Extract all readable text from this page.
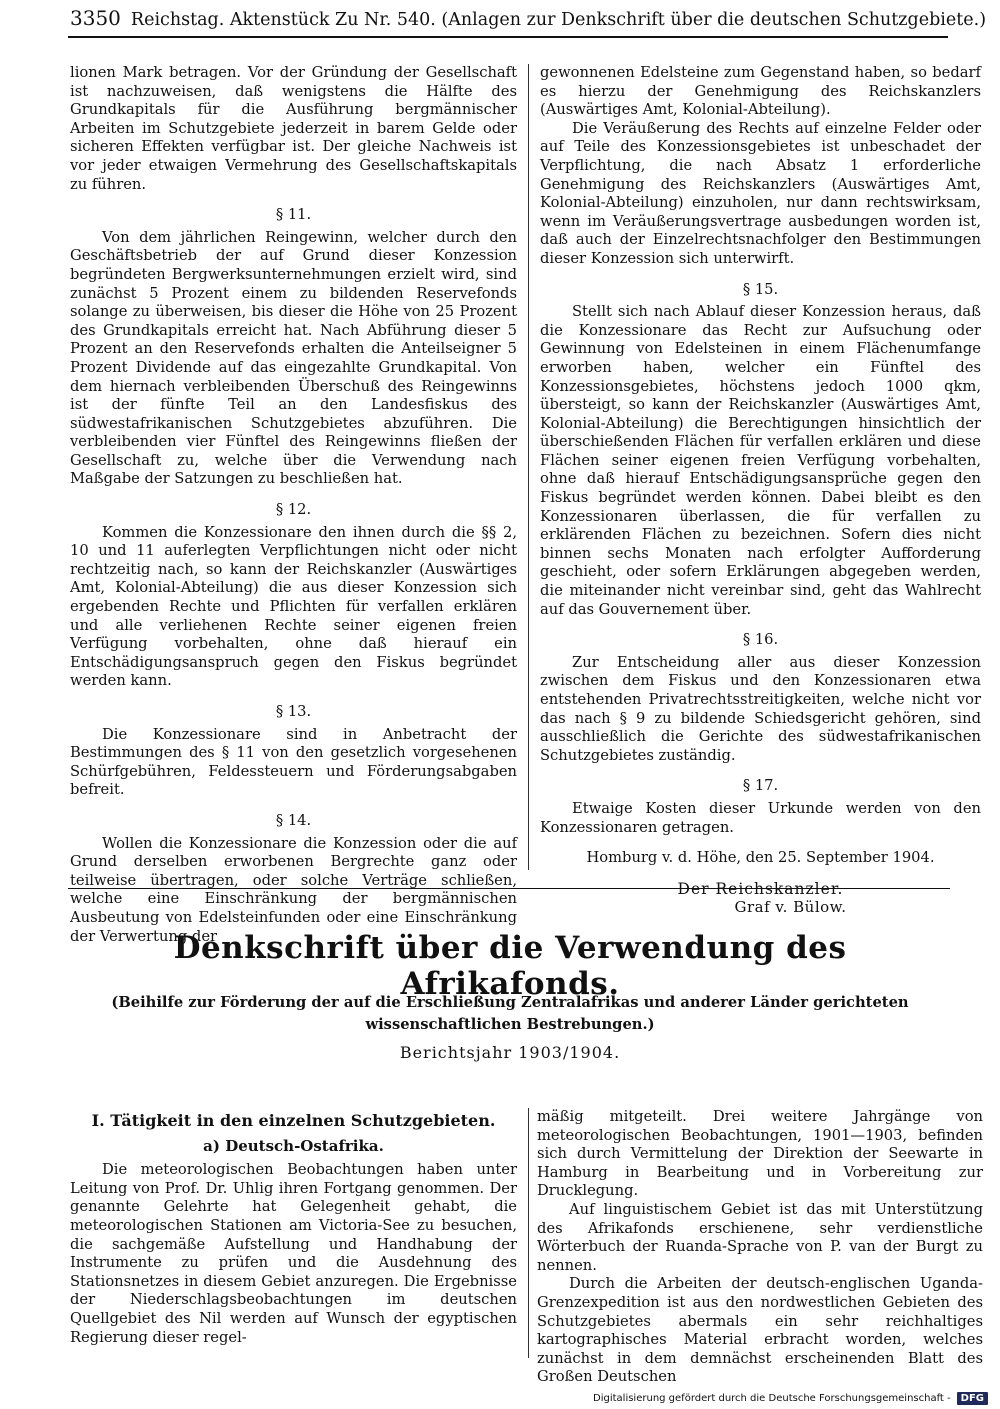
3350 Reichstag. Aktenstück Zu Nr. 540. (Anlagen zur Denkschrift über die deutschen Schutzgebiete.)

lionen Mark betragen. Vor der Gründung der Gesellschaft ist nachzuweisen, daß wenigstens die Hälfte des Grundkapitals für die Ausführung bergmännischer Arbeiten im Schutzgebiete jederzeit in barem Gelde oder sicheren Effekten verfügbar ist. Der gleiche Nachweis ist vor jeder etwaigen Vermehrung des Gesellschaftskapitals zu führen.

§ 11.

Von dem jährlichen Reingewinn, welcher durch den Geschäftsbetrieb der auf Grund dieser Konzession begründeten Bergwerksunternehmungen erzielt wird, sind zunächst 5 Prozent einem zu bildenden Reservefonds solange zu überweisen, bis dieser die Höhe von 25 Prozent des Grundkapitals erreicht hat. Nach Abführung dieser 5 Prozent an den Reservefonds erhalten die Anteilseigner 5 Prozent Dividende auf das eingezahlte Grundkapital. Von dem hiernach verbleibenden Überschuß des Reingewinns ist der fünfte Teil an den Landesfiskus des südwestafrikanischen Schutzgebietes abzuführen. Die verbleibenden vier Fünftel des Reingewinns fließen der Gesellschaft zu, welche über die Verwendung nach Maßgabe der Satzungen zu beschließen hat.

§ 12.

Kommen die Konzessionare den ihnen durch die §§ 2, 10 und 11 auferlegten Verpflichtungen nicht oder nicht rechtzeitig nach, so kann der Reichskanzler (Auswärtiges Amt, Kolonial-Abteilung) die aus dieser Konzession sich ergebenden Rechte und Pflichten für verfallen erklären und alle verliehenen Rechte seiner eigenen freien Verfügung vorbehalten, ohne daß hierauf ein Entschädigungsanspruch gegen den Fiskus begründet werden kann.

§ 13.

Die Konzessionare sind in Anbetracht der Bestimmungen des § 11 von den gesetzlich vorgesehenen Schürfgebühren, Feldessteuern und Förderungsabgaben befreit.

§ 14.

Wollen die Konzessionare die Konzession oder die auf Grund derselben erworbenen Bergrechte ganz oder teilweise übertragen, oder solche Verträge schließen, welche eine Einschränkung der bergmännischen Ausbeutung von Edelsteinfunden oder eine Einschränkung der Verwertung der

gewonnenen Edelsteine zum Gegenstand haben, so bedarf es hierzu der Genehmigung des Reichskanzlers (Auswärtiges Amt, Kolonial-Abteilung).

Die Veräußerung des Rechts auf einzelne Felder oder auf Teile des Konzessionsgebietes ist unbeschadet der Verpflichtung, die nach Absatz 1 erforderliche Genehmigung des Reichskanzlers (Auswärtiges Amt, Kolonial-Abteilung) einzuholen, nur dann rechtswirksam, wenn im Veräußerungsvertrage ausbedungen worden ist, daß auch der Einzelrechtsnachfolger den Bestimmungen dieser Konzession sich unterwirft.

§ 15.

Stellt sich nach Ablauf dieser Konzession heraus, daß die Konzessionare das Recht zur Aufsuchung oder Gewinnung von Edelsteinen in einem Flächenumfange erworben haben, welcher ein Fünftel des Konzessionsgebietes, höchstens jedoch 1000 qkm, übersteigt, so kann der Reichskanzler (Auswärtiges Amt, Kolonial-Abteilung) die Berechtigungen hinsichtlich der überschießenden Flächen für verfallen erklären und diese Flächen seiner eigenen freien Verfügung vorbehalten, ohne daß hierauf Entschädigungsansprüche gegen den Fiskus begründet werden können. Dabei bleibt es den Konzessionaren überlassen, die für verfallen zu erklärenden Flächen zu bezeichnen. Sofern dies nicht binnen sechs Monaten nach erfolgter Aufforderung geschieht, oder sofern Erklärungen abgegeben werden, die miteinander nicht vereinbar sind, geht das Wahlrecht auf das Gouvernement über.

§ 16.

Zur Entscheidung aller aus dieser Konzession zwischen dem Fiskus und den Konzessionaren etwa entstehenden Privatrechtsstreitigkeiten, welche nicht vor das nach § 9 zu bildende Schiedsgericht gehören, sind ausschließlich die Gerichte des südwestafrikanischen Schutzgebietes zuständig.

§ 17.

Etwaige Kosten dieser Urkunde werden von den Konzessionaren getragen.

Homburg v. d. Höhe, den 25. September 1904.

Der Reichskanzler.
Graf v. Bülow.
Denkschrift über die Verwendung des Afrikafonds.
(Beihilfe zur Förderung der auf die Erschließung Zentralafrikas und anderer Länder gerichteten wissenschaftlichen Bestrebungen.)
Berichtsjahr 1903/1904.
I. Tätigkeit in den einzelnen Schutzgebieten.
a) Deutsch-Ostafrika.

Die meteorologischen Beobachtungen haben unter Leitung von Prof. Dr. Uhlig ihren Fortgang genommen. Der genannte Gelehrte hat Gelegenheit gehabt, die meteorologischen Stationen am Victoria-See zu besuchen, die sachgemäße Aufstellung und Handhabung der Instrumente zu prüfen und die Ausdehnung des Stationsnetzes in diesem Gebiet anzuregen. Die Ergebnisse der Niederschlagsbeobachtungen im deutschen Quellgebiet des Nil werden auf Wunsch der egyptischen Regierung dieser regel-

mäßig mitgeteilt. Drei weitere Jahrgänge von meteorologischen Beobachtungen, 1901—1903, befinden sich durch Vermittelung der Direktion der Seewarte in Hamburg in Bearbeitung und in Vorbereitung zur Drucklegung.

Auf linguistischem Gebiet ist das mit Unterstützung des Afrikafonds erschienene, sehr verdienstliche Wörterbuch der Ruanda-Sprache von P. van der Burgt zu nennen.

Durch die Arbeiten der deutsch-englischen Uganda-Grenzexpedition ist aus den nordwestlichen Gebieten des Schutzgebietes abermals ein sehr reichhaltiges kartographisches Material erbracht worden, welches zunächst in dem demnächst erscheinenden Blatt des Großen Deutschen

Digitalisierung gefördert durch die Deutsche Forschungsgemeinschaft -	DFG
